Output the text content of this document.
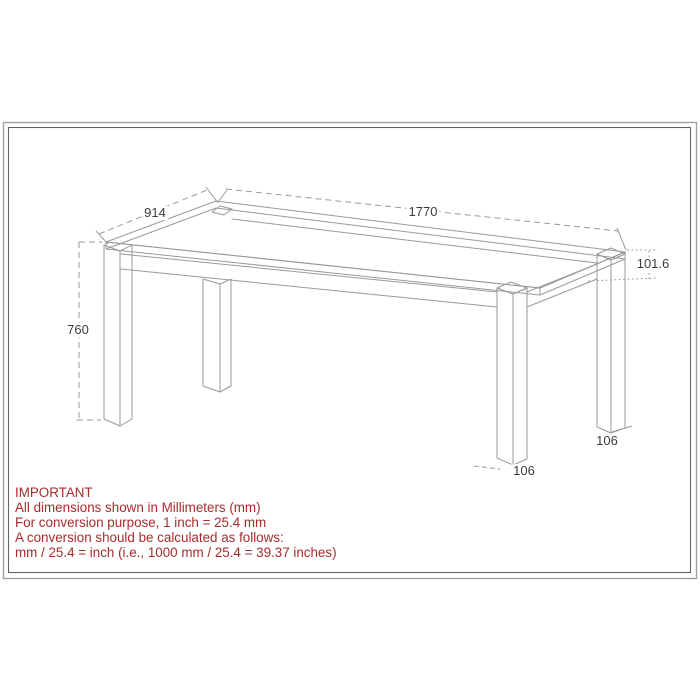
914	1770
760
101.6
106
106
IMPORTANT
All dimensions shown in Millimeters (mm)
For conversion purpose, 1 inch = 25.4 mm
A conversion should be calculated as follows:
mm / 25.4 = inch (i.e., 1000 mm / 25.4 = 39.37 inches)
